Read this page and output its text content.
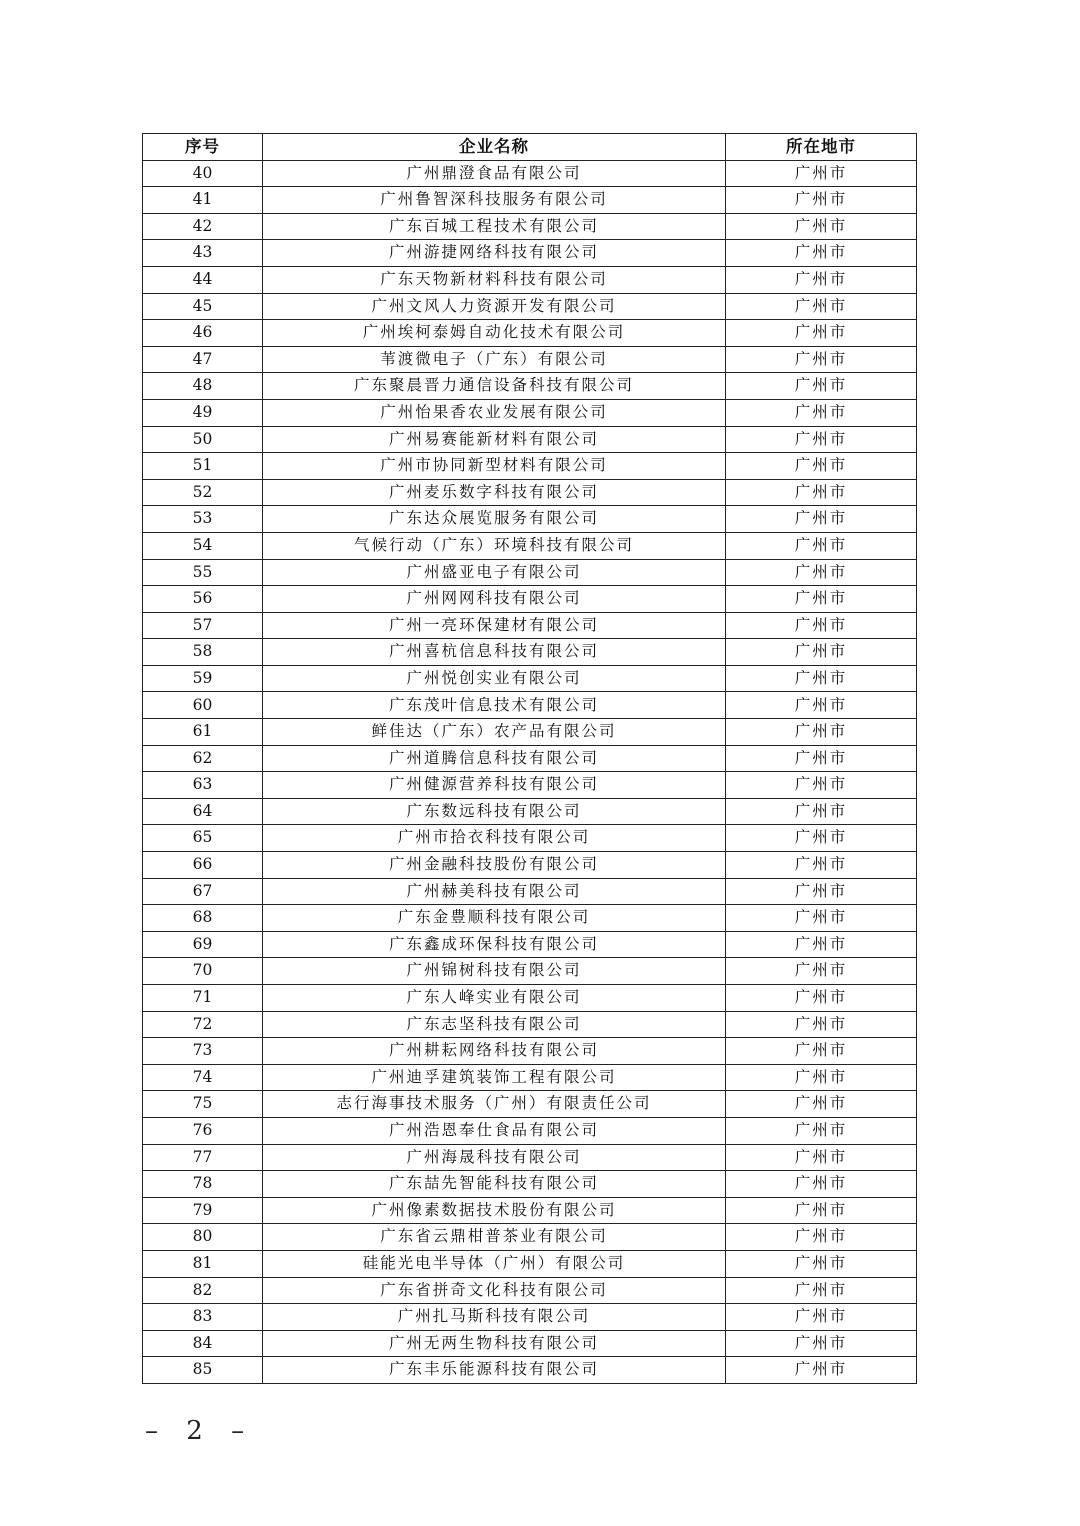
序号	企业名称	所在地市
40	广州鼎澄食品有限公司	广州市
41	广州鲁智深科技服务有限公司	广州市
42	广东百城工程技术有限公司	广州市
43	广州游捷网络科技有限公司	广州市
44	广东天物新材料科技有限公司	广州市
45	广州文风人力资源开发有限公司	广州市
46	广州埃柯泰姆自动化技术有限公司	广州市
47	苇渡微电子（广东）有限公司	广州市
48	广东聚晨晋力通信设备科技有限公司	广州市
49	广州怡果香农业发展有限公司	广州市
50	广州易赛能新材料有限公司	广州市
51	广州市协同新型材料有限公司	广州市
52	广州麦乐数字科技有限公司	广州市
53	广东达众展览服务有限公司	广州市
54	气候行动（广东）环境科技有限公司	广州市
55	广州盛亚电子有限公司	广州市
56	广州网网科技有限公司	广州市
57	广州一亮环保建材有限公司	广州市
58	广州喜杭信息科技有限公司	广州市
59	广州悦创实业有限公司	广州市
60	广东茂叶信息技术有限公司	广州市
61	鲜佳达（广东）农产品有限公司	广州市
62	广州道腾信息科技有限公司	广州市
63	广州健源营养科技有限公司	广州市
64	广东数远科技有限公司	广州市
65	广州市拾衣科技有限公司	广州市
66	广州金融科技股份有限公司	广州市
67	广州赫美科技有限公司	广州市
68	广东金豊顺科技有限公司	广州市
69	广东鑫成环保科技有限公司	广州市
70	广州锦树科技有限公司	广州市
71	广东人峰实业有限公司	广州市
72	广东志坚科技有限公司	广州市
73	广州耕耘网络科技有限公司	广州市
74	广州迪孚建筑装饰工程有限公司	广州市
75	志行海事技术服务（广州）有限责任公司	广州市
76	广州浩恩奉仕食品有限公司	广州市
77	广州海晟科技有限公司	广州市
78	广东喆先智能科技有限公司	广州市
79	广州像素数据技术股份有限公司	广州市
80	广东省云鼎柑普茶业有限公司	广州市
81	硅能光电半导体（广州）有限公司	广州市
82	广东省拼奇文化科技有限公司	广州市
83	广州扎马斯科技有限公司	广州市
84	广州无两生物科技有限公司	广州市
85	广东丰乐能源科技有限公司	广州市
– 2 –
